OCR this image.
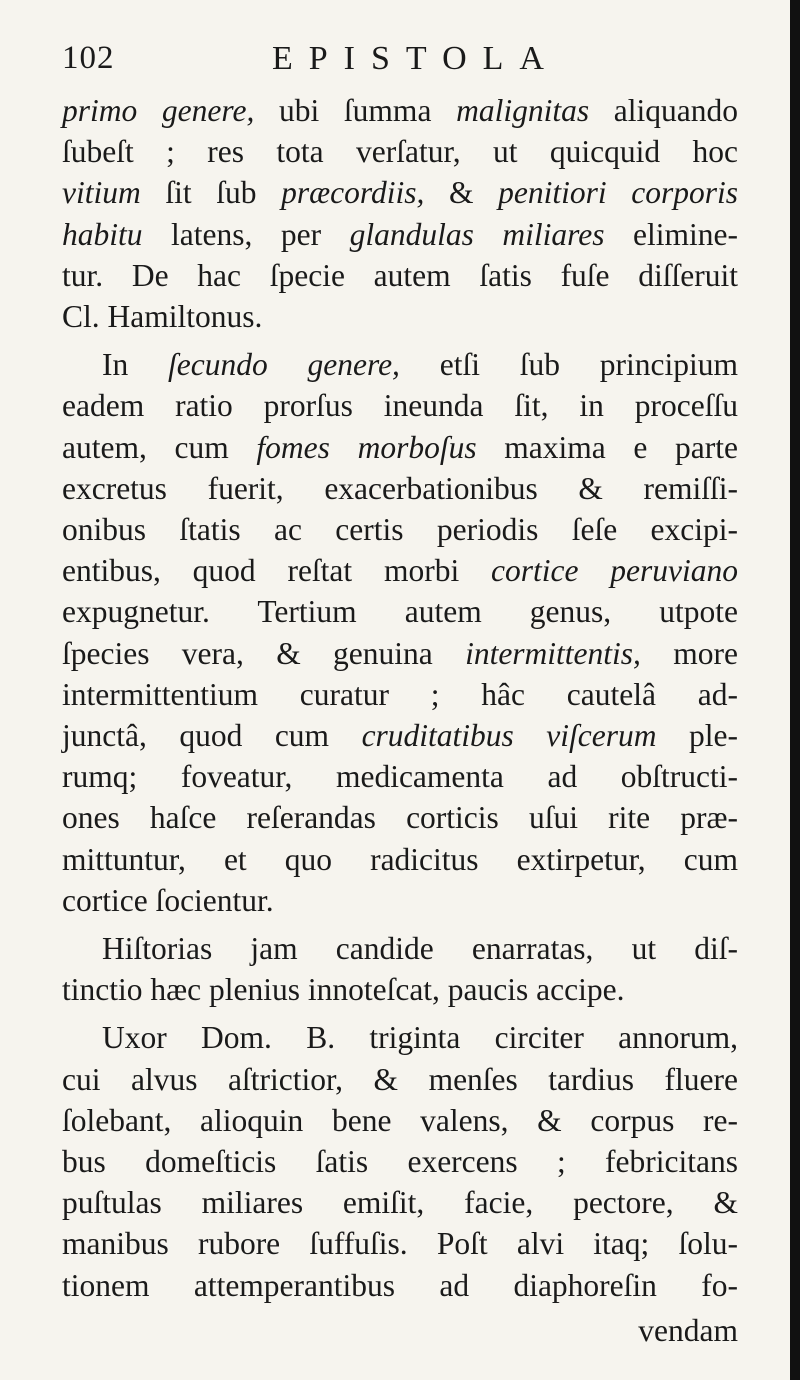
102	EPISTOLA
primo genere, ubi ſumma malignitas aliquando
ſubeſt ; res tota verſatur, ut quicquid hoc
vitium ſit ſub præcordiis, & penitiori corporis
habitu latens, per glandulas miliares elimine-
tur. De hac ſpecie autem ſatis fuſe diſſeruit
Cl. Hamiltonus.
In ſecundo genere, etſi ſub principium
eadem ratio prorſus ineunda ſit, in proceſſu
autem, cum fomes morboſus maxima e parte
excretus fuerit, exacerbationibus & remiſſi-
onibus ſtatis ac certis periodis ſeſe excipi-
entibus, quod reſtat morbi cortice peruviano
expugnetur. Tertium autem genus, utpote
ſpecies vera, & genuina intermittentis, more
intermittentium curatur ; hâc cautelâ ad-
junctâ, quod cum cruditatibus viſcerum ple-
rumq; foveatur, medicamenta ad obſtructi-
ones haſce reſerandas corticis uſui rite præ-
mittuntur, et quo radicitus extirpetur, cum
cortice ſocientur.
Hiſtorias jam candide enarratas, ut diſ-
tinctio hæc plenius innoteſcat, paucis accipe.
Uxor Dom. B. triginta circiter annorum,
cui alvus aſtrictior, & menſes tardius fluere
ſolebant, alioquin bene valens, & corpus re-
bus domeſticis ſatis exercens ; febricitans
puſtulas miliares emiſit, facie, pectore, &
manibus rubore ſuffuſis. Poſt alvi itaq; ſolu-
tionem attemperantibus ad diaphoreſin fo-
vendam
